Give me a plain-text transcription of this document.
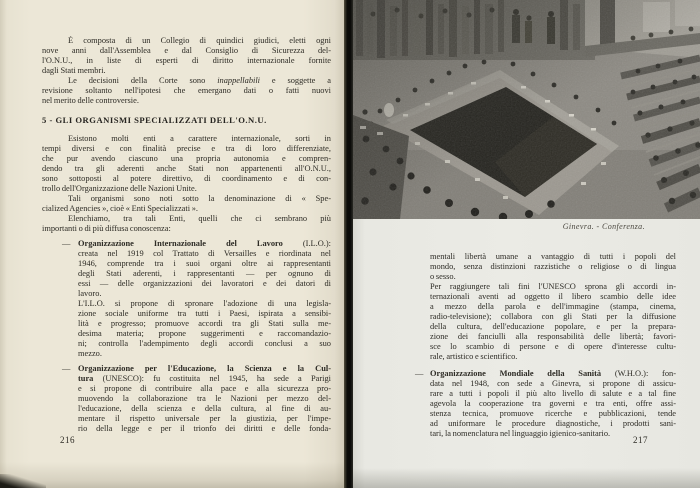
È composta di un Collegio di quindici giudici, eletti ogni
nove anni dall'Assemblea e dal Consiglio di Sicurezza del-
l'O.N.U., in liste di esperti di diritto internazionale fornite
dagli Stati membri.
Le decisioni della Corte sono inappellabili e soggette a
revisione soltanto nell'ipotesi che emergano dati o fatti nuovi
nel merito delle controversie.
5 - GLI ORGANISMI SPECIALIZZATI DELL'O.N.U.
Esistono molti enti a carattere internazionale, sorti in
tempi diversi e con finalità precise e tra di loro differenziate,
che pur avendo ciascuno una propria autonomia e compren-
dendo tra gli aderenti anche Stati non appartenenti all'O.N.U.,
sono sottoposti al potere direttivo, di coordinamento e di con-
trollo dell'Organizzazione delle Nazioni Unite.
Tali organismi sono noti sotto la denominazione di « Spe-
cialized Agencies », cioè « Enti Specializzati ».
Elenchiamo, tra tali Enti, quelli che ci sembrano più
importanti o di più diffusa conoscenza:
— Organizzazione Internazionale del Lavoro (I.L.O.):
creata nel 1919 col Trattato di Versailles e riordinata nel
1946, comprende tra i suoi organi oltre ai rappresentanti
degli Stati aderenti, i rappresentanti — per ognuno di
essi — delle organizzazioni dei lavoratori e dei datori di
lavoro.
L'I.L.O. si propone di spronare l'adozione di una legisla-
zione sociale uniforme tra tutti i Paesi, ispirata a sensibi-
lità e progresso; promuove accordi tra gli Stati sulla me-
desima materia; propone suggerimenti e raccomandazio-
ni; controlla l'adempimento degli accordi conclusi a suo
mezzo.
— Organizzazione per l'Educazione, la Scienza e la Cul-
tura (UNESCO): fu costituita nel 1945, ha sede a Parigi
e si propone di contribuire alla pace e alla sicurezza pro-
muovendo la collaborazione tra le Nazioni per mezzo del-
l'educazione, della scienza e della cultura, al fine di au-
mentare il rispetto universale per la giustizia, per l'impe-
rio della legge e per il trionfo dei diritti e delle fonda-
216
Ginevra. - Conferenza.
mentali libertà umane a vantaggio di tutti i popoli del
mondo, senza distinzioni razzistiche o religiose o di lingua
o sesso.
Per raggiungere tali fini l'UNESCO sprona gli accordi in-
ternazionali aventi ad oggetto il libero scambio delle idee
a mezzo della parola e dell'immagine (stampa, cinema,
radio-televisione); collabora con gli Stati per la diffusione
della cultura, dell'educazione popolare, e per la prepara-
zione dei fanciulli alla responsabilità delle libertà; favori-
sce lo scambio di persone e di opere d'interesse cultu-
rale, artistico e scientifico.
— Organizzazione Mondiale della Sanità (W.H.O.): fon-
data nel 1948, con sede a Ginevra, si propone di assicu-
rare a tutti i popoli il più alto livello di salute e a tal fine
agevola la cooperazione tra governi e tra enti, offre assi-
stenza tecnica, promuove ricerche e pubblicazioni, tende
ad uniformare le procedure diagnostiche, i prodotti sani-
tari, la nomenclatura nel linguaggio igienico-sanitario.
217
